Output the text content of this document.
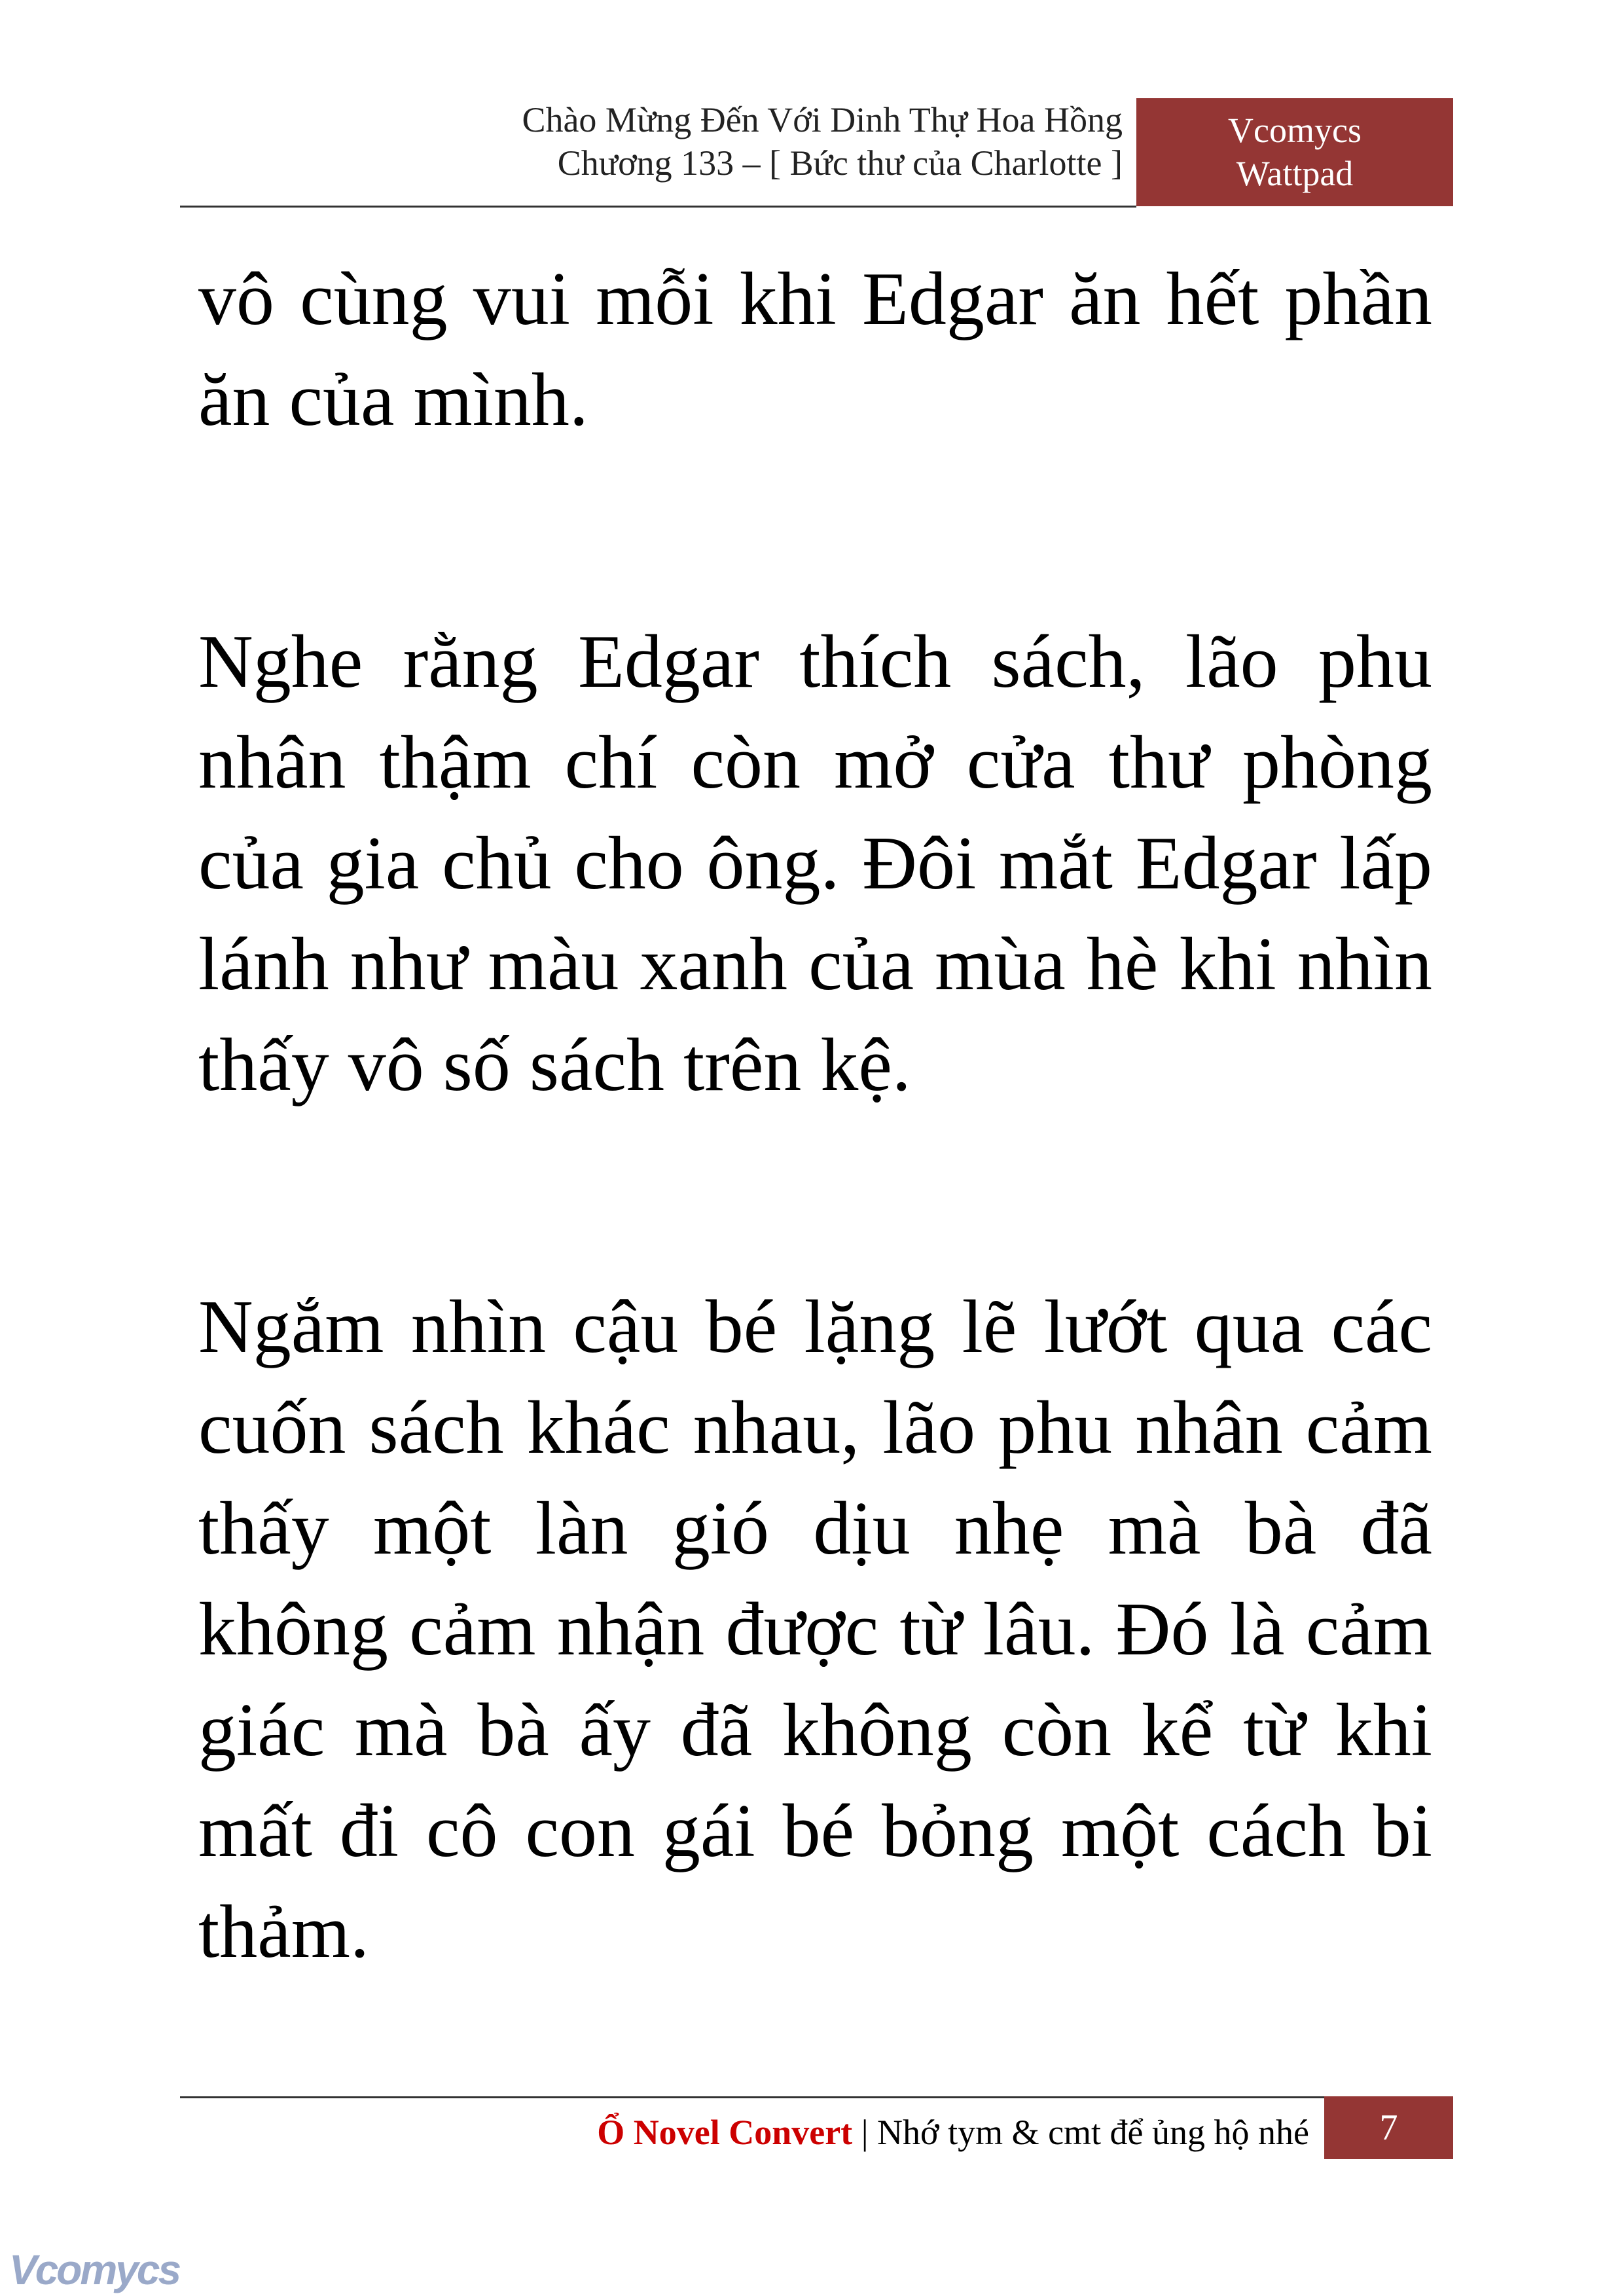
Chào Mừng Đến Với Dinh Thự Hoa Hồng
Chương 133 – [ Bức thư của Charlotte ]
Vcomycs
Wattpad

vô cùng vui mỗi khi Edgar ăn hết phần ăn của mình.

Nghe rằng Edgar thích sách, lão phu nhân thậm chí còn mở cửa thư phòng của gia chủ cho ông. Đôi mắt Edgar lấp lánh như màu xanh của mùa hè khi nhìn thấy vô số sách trên kệ.

Ngắm nhìn cậu bé lặng lẽ lướt qua các cuốn sách khác nhau, lão phu nhân cảm thấy một làn gió dịu nhẹ mà bà đã không cảm nhận được từ lâu. Đó là cảm giác mà bà ấy đã không còn kể từ khi mất đi cô con gái bé bỏng một cách bi thảm.

Ổ Novel Convert | Nhớ tym & cmt để ủng hộ nhé	7
Vcomycs
